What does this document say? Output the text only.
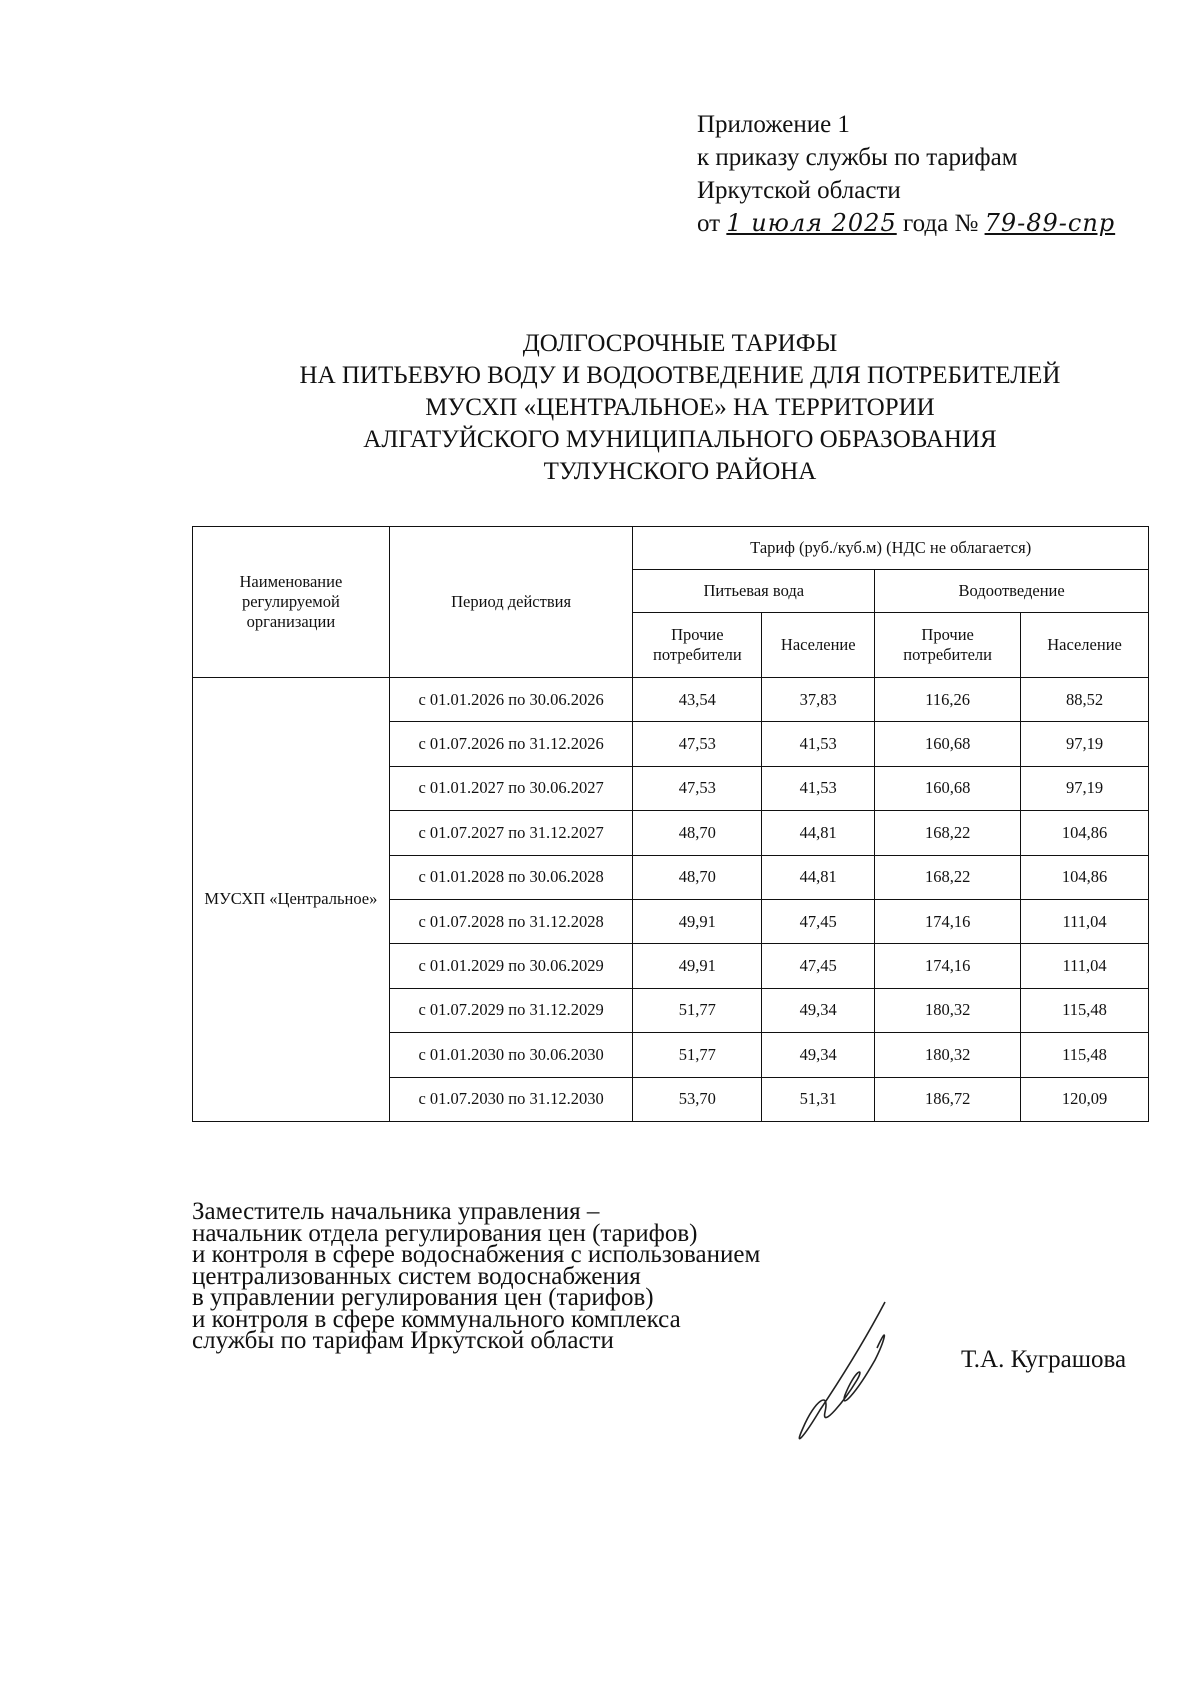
Приложение 1
к приказу службы по тарифам
Иркутской области
от 1 июля 2025 года № 79-89-спр
ДОЛГОСРОЧНЫЕ ТАРИФЫ
НА ПИТЬЕВУЮ ВОДУ И ВОДООТВЕДЕНИЕ ДЛЯ ПОТРЕБИТЕЛЕЙ
МУСХП «ЦЕНТРАЛЬНОЕ» НА ТЕРРИТОРИИ
АЛГАТУЙСКОГО МУНИЦИПАЛЬНОГО ОБРАЗОВАНИЯ
ТУЛУНСКОГО РАЙОНА
Наименование регулируемой организации	Период действия	Тариф (руб./куб.м) (НДС не облагается)			
		Питьевая вода		Водоотведение	
		Прочие потребители	Население	Прочие потребители	Население
МУСХП «Центральное»	с 01.01.2026 по 30.06.2026	43,54	37,83	116,26	88,52
	с 01.07.2026 по 31.12.2026	47,53	41,53	160,68	97,19
	с 01.01.2027 по 30.06.2027	47,53	41,53	160,68	97,19
	с 01.07.2027 по 31.12.2027	48,70	44,81	168,22	104,86
	с 01.01.2028 по 30.06.2028	48,70	44,81	168,22	104,86
	с 01.07.2028 по 31.12.2028	49,91	47,45	174,16	111,04
	с 01.01.2029 по 30.06.2029	49,91	47,45	174,16	111,04
	с 01.07.2029 по 31.12.2029	51,77	49,34	180,32	115,48
	с 01.01.2030 по 30.06.2030	51,77	49,34	180,32	115,48
	с 01.07.2030 по 31.12.2030	53,70	51,31	186,72	120,09
Заместитель начальника управления –
начальник отдела регулирования цен (тарифов)
и контроля в сфере водоснабжения с использованием
централизованных систем водоснабжения
в управлении регулирования цен (тарифов)
и контроля в сфере коммунального комплекса
службы по тарифам Иркутской области
Т.А. Кугрaшова
